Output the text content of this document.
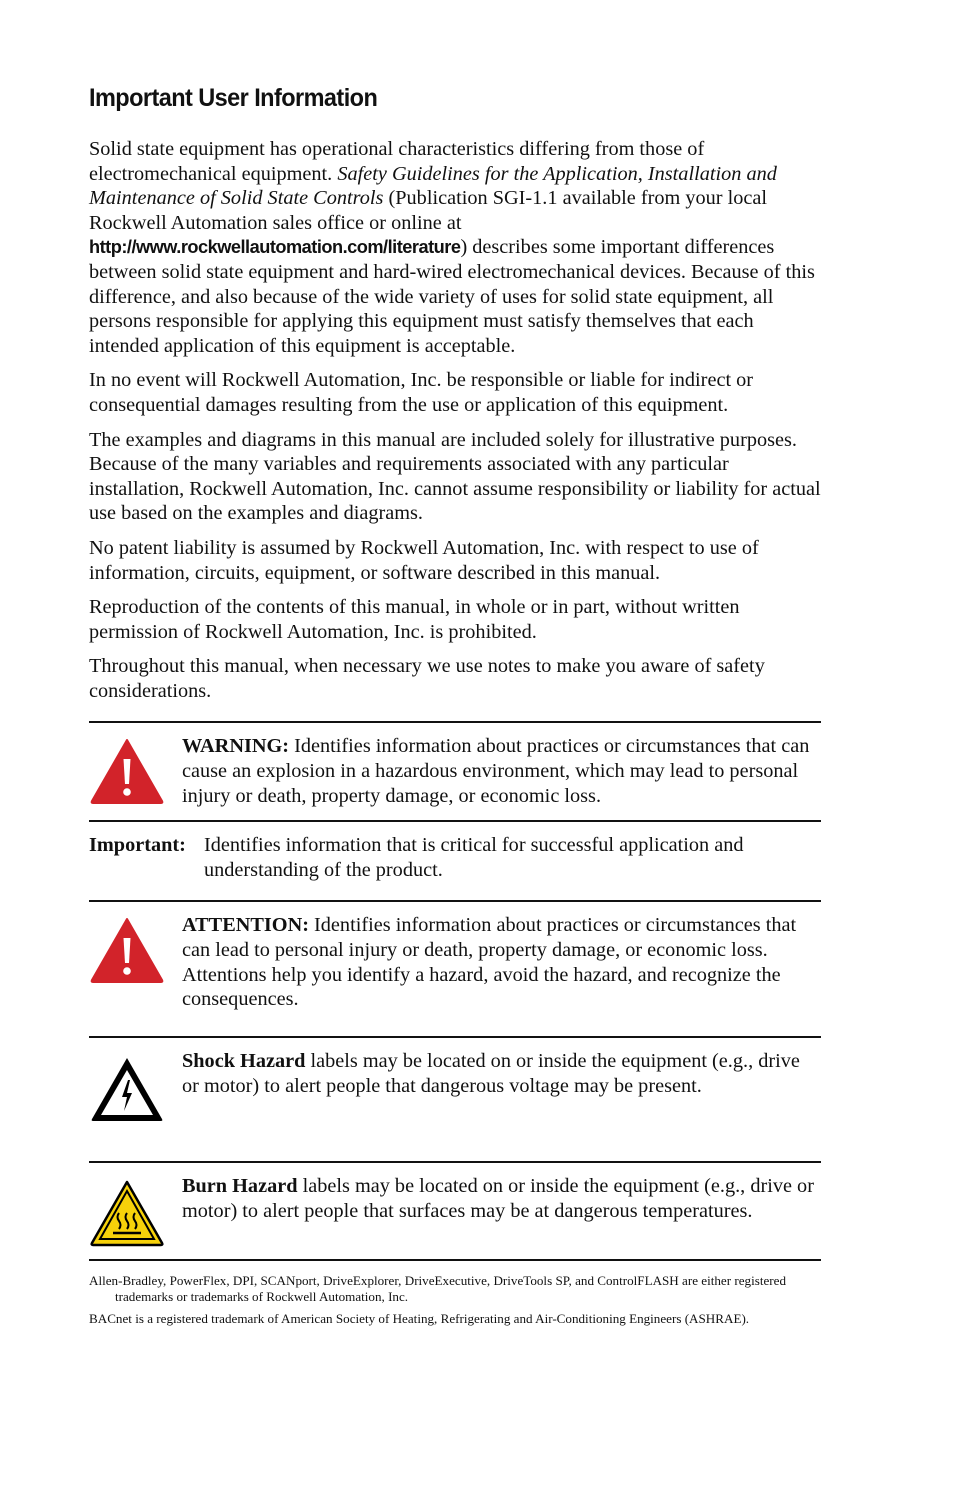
Important User Information

Solid state equipment has operational characteristics differing from those of electromechanical equipment. Safety Guidelines for the Application, Installation and Maintenance of Solid State Controls (Publication SGI-1.1 available from your local Rockwell Automation sales office or online at http://www.rockwellautomation.com/literature) describes some important differences between solid state equipment and hard-wired electromechanical devices. Because of this difference, and also because of the wide variety of uses for solid state equipment, all persons responsible for applying this equipment must satisfy themselves that each intended application of this equipment is acceptable.

In no event will Rockwell Automation, Inc. be responsible or liable for indirect or consequential damages resulting from the use or application of this equipment.

The examples and diagrams in this manual are included solely for illustrative purposes. Because of the many variables and requirements associated with any particular installation, Rockwell Automation, Inc. cannot assume responsibility or liability for actual use based on the examples and diagrams.

No patent liability is assumed by Rockwell Automation, Inc. with respect to use of information, circuits, equipment, or software described in this manual.

Reproduction of the contents of this manual, in whole or in part, without written permission of Rockwell Automation, Inc. is prohibited.

Throughout this manual, when necessary we use notes to make you aware of safety considerations.

WARNING: Identifies information about practices or circumstances that can cause an explosion in a hazardous environment, which may lead to personal injury or death, property damage, or economic loss.
Important: Identifies information that is critical for successful application and understanding of the product.
ATTENTION: Identifies information about practices or circumstances that can lead to personal injury or death, property damage, or economic loss. Attentions help you identify a hazard, avoid the hazard, and recognize the consequences.
Shock Hazard labels may be located on or inside the equipment (e.g., drive or motor) to alert people that dangerous voltage may be present.
Burn Hazard labels may be located on or inside the equipment (e.g., drive or motor) to alert people that surfaces may be at dangerous temperatures.

Allen-Bradley, PowerFlex, DPI, SCANport, DriveExplorer, DriveExecutive, DriveTools SP, and ControlFLASH are either registered trademarks or trademarks of Rockwell Automation, Inc.

BACnet is a registered trademark of American Society of Heating, Refrigerating and Air-Conditioning Engineers (ASHRAE).
